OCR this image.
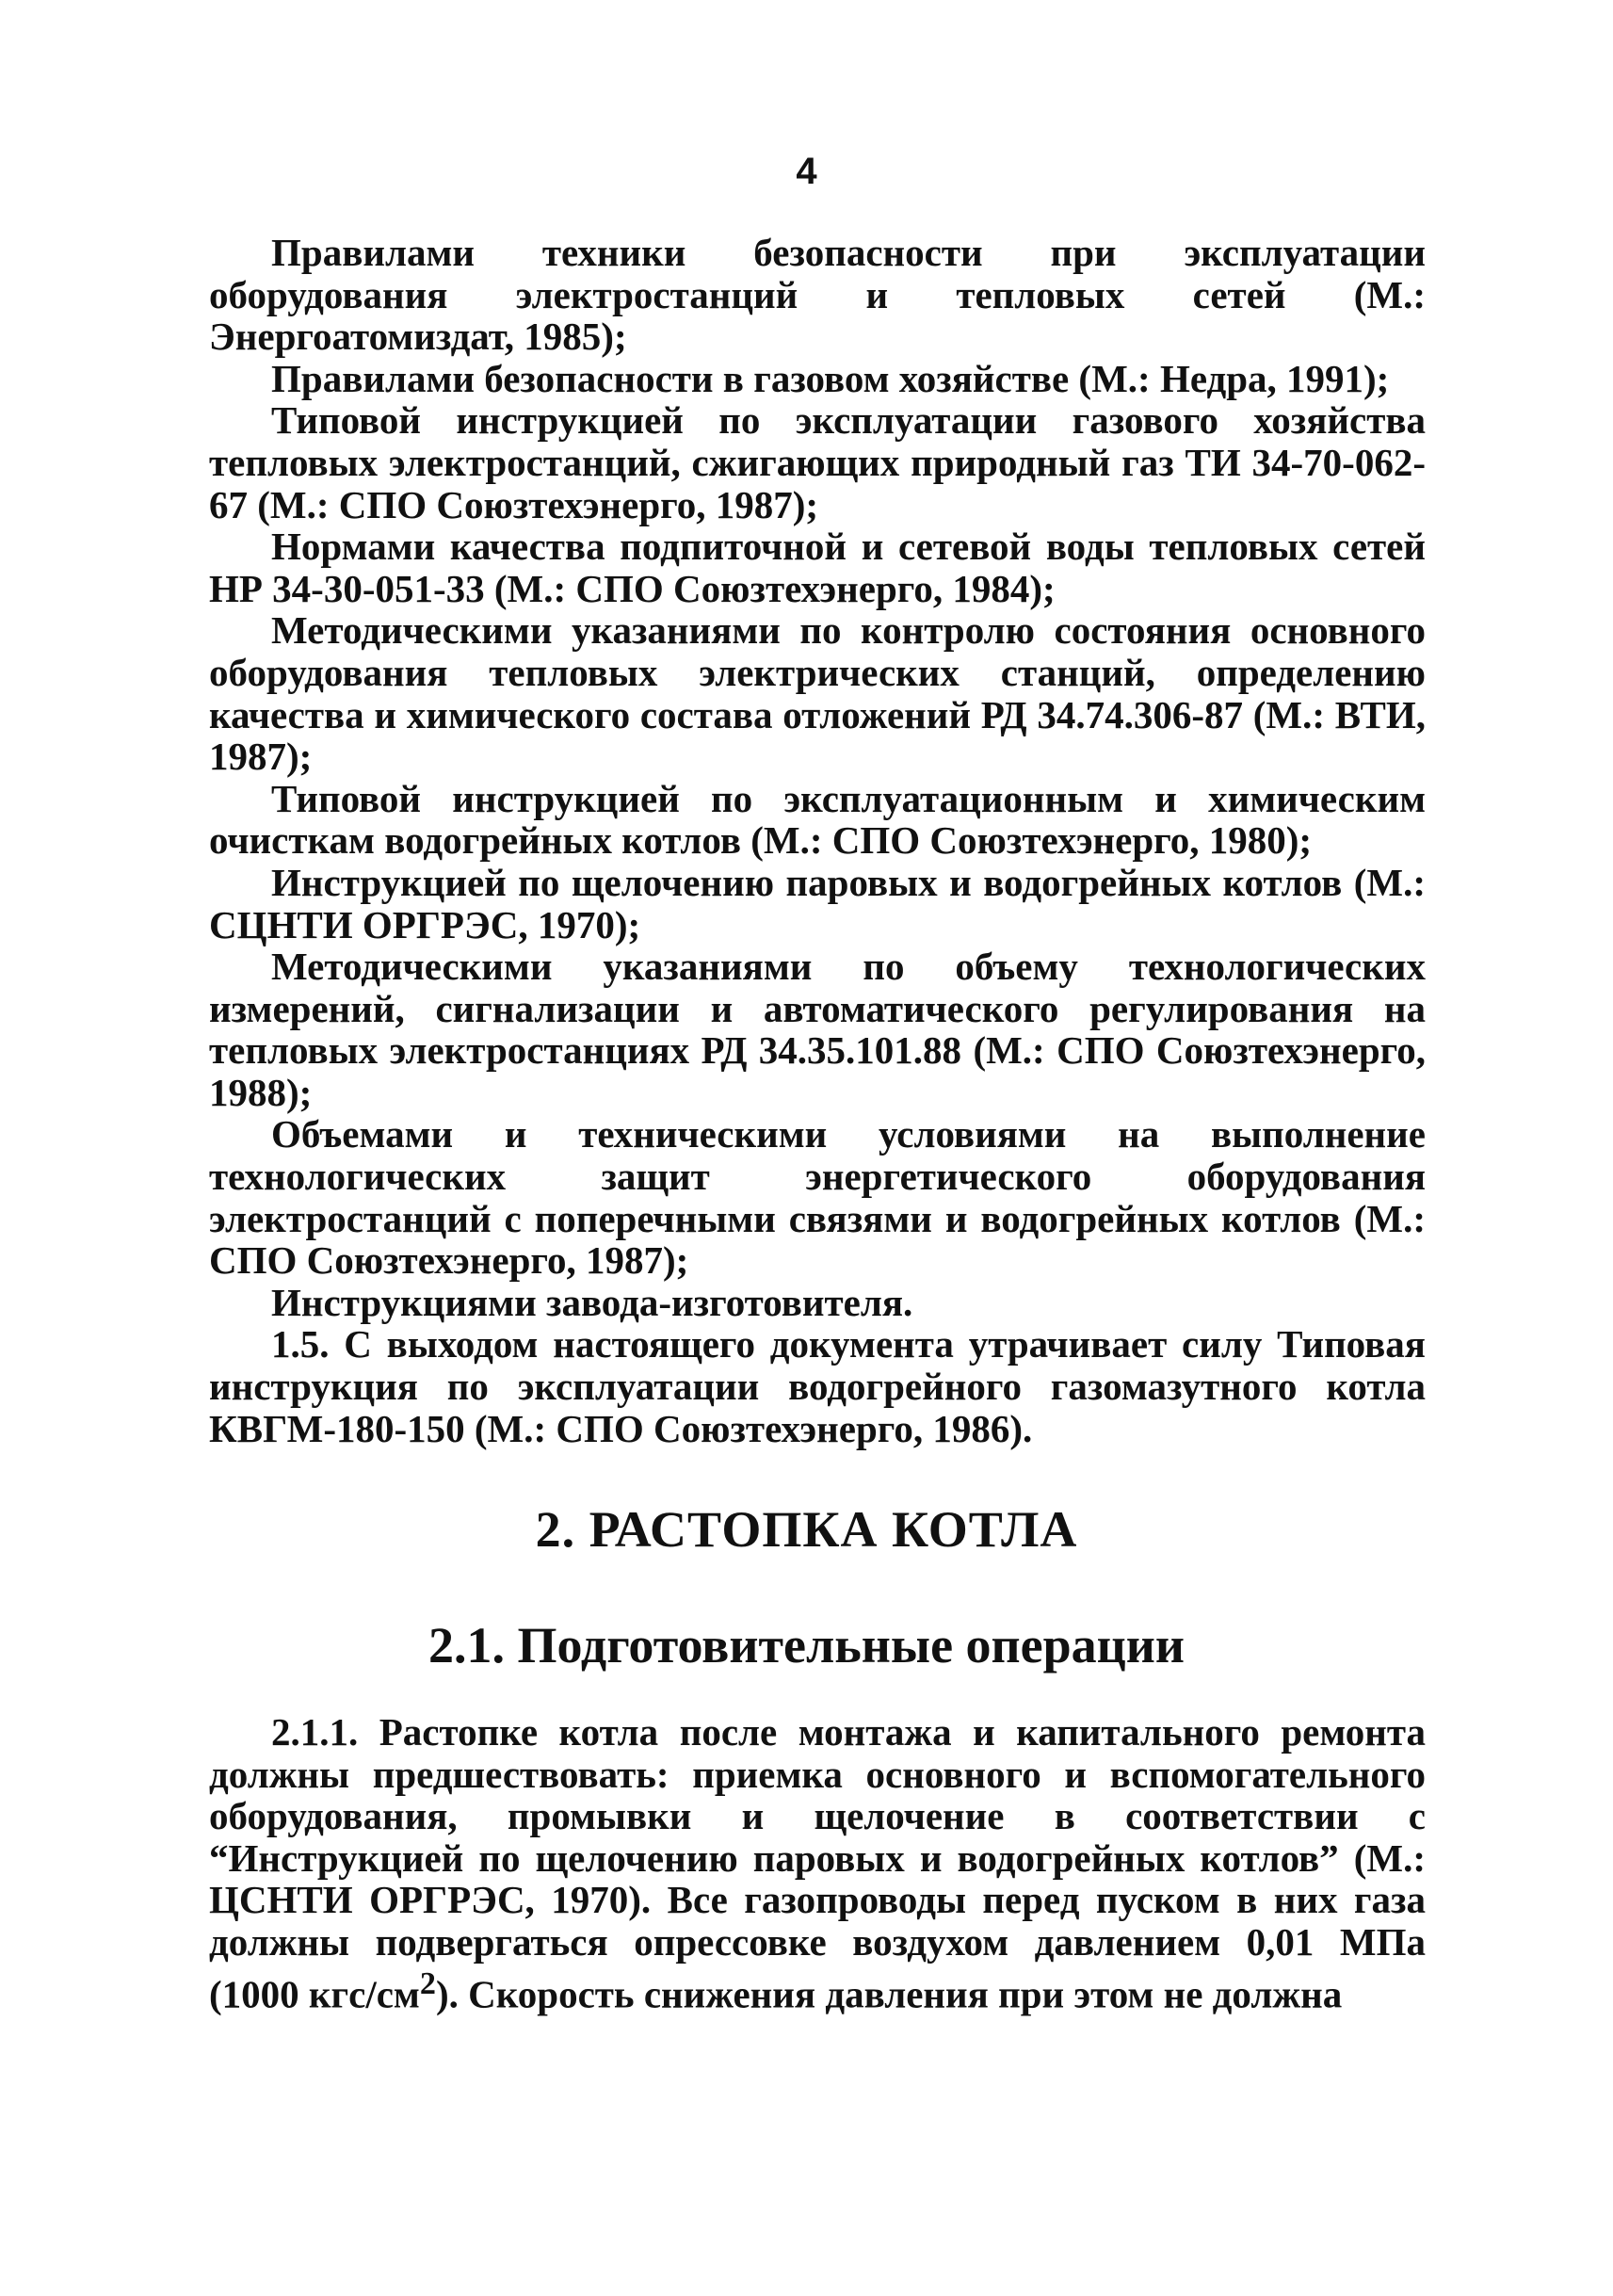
4

Правилами техники безопасности при эксплуатации оборудования электростанций и тепловых сетей (М.: Энергоатомиздат, 1985);

Правилами безопасности в газовом хозяйстве (М.: Недра, 1991);

Типовой инструкцией по эксплуатации газового хозяйства тепловых электростанций, сжигающих природный газ ТИ 34-70-062-67 (М.: СПО Союзтехэнерго, 1987);

Нормами качества подпиточной и сетевой воды тепловых сетей НР 34-30-051-33 (М.: СПО Союзтехэнерго, 1984);

Методическими указаниями по контролю состояния основного оборудования тепловых электрических станций, определению качества и химического состава отложений РД 34.74.306-87 (М.: ВТИ, 1987);

Типовой инструкцией по эксплуатационным и химическим очисткам водогрейных котлов (М.: СПО Союзтехэнерго, 1980);

Инструкцией по щелочению паровых и водогрейных котлов (М.: СЦНТИ ОРГРЭС, 1970);

Методическими указаниями по объему технологических измерений, сигнализации и автоматического регулирования на тепловых электростанциях РД 34.35.101.88 (М.: СПО Союзтехэнерго, 1988);

Объемами и техническими условиями на выполнение технологических защит энергетического оборудования электростанций с поперечными связями и водогрейных котлов (М.: СПО Союзтехэнерго, 1987);

Инструкциями завода-изготовителя.

1.5. С выходом настоящего документа утрачивает силу Типовая инструкция по эксплуатации водогрейного газомазутного котла КВГМ-180-150 (М.: СПО Союзтехэнерго, 1986).

2. РАСТОПКА КОТЛА
2.1. Подготовительные операции

2.1.1. Растопке котла после монтажа и капитального ремонта должны предшествовать: приемка основного и вспомогательного оборудования, промывки и щелочение в соответствии с “Инструкцией по щелочению паровых и водогрейных котлов” (М.: ЦСНТИ ОРГРЭС, 1970). Все газопроводы перед пуском в них газа должны подвергаться опрессовке воздухом давлением 0,01 МПа (1000 кгс/$см^2$). Скорость снижения давления при этом не должна
